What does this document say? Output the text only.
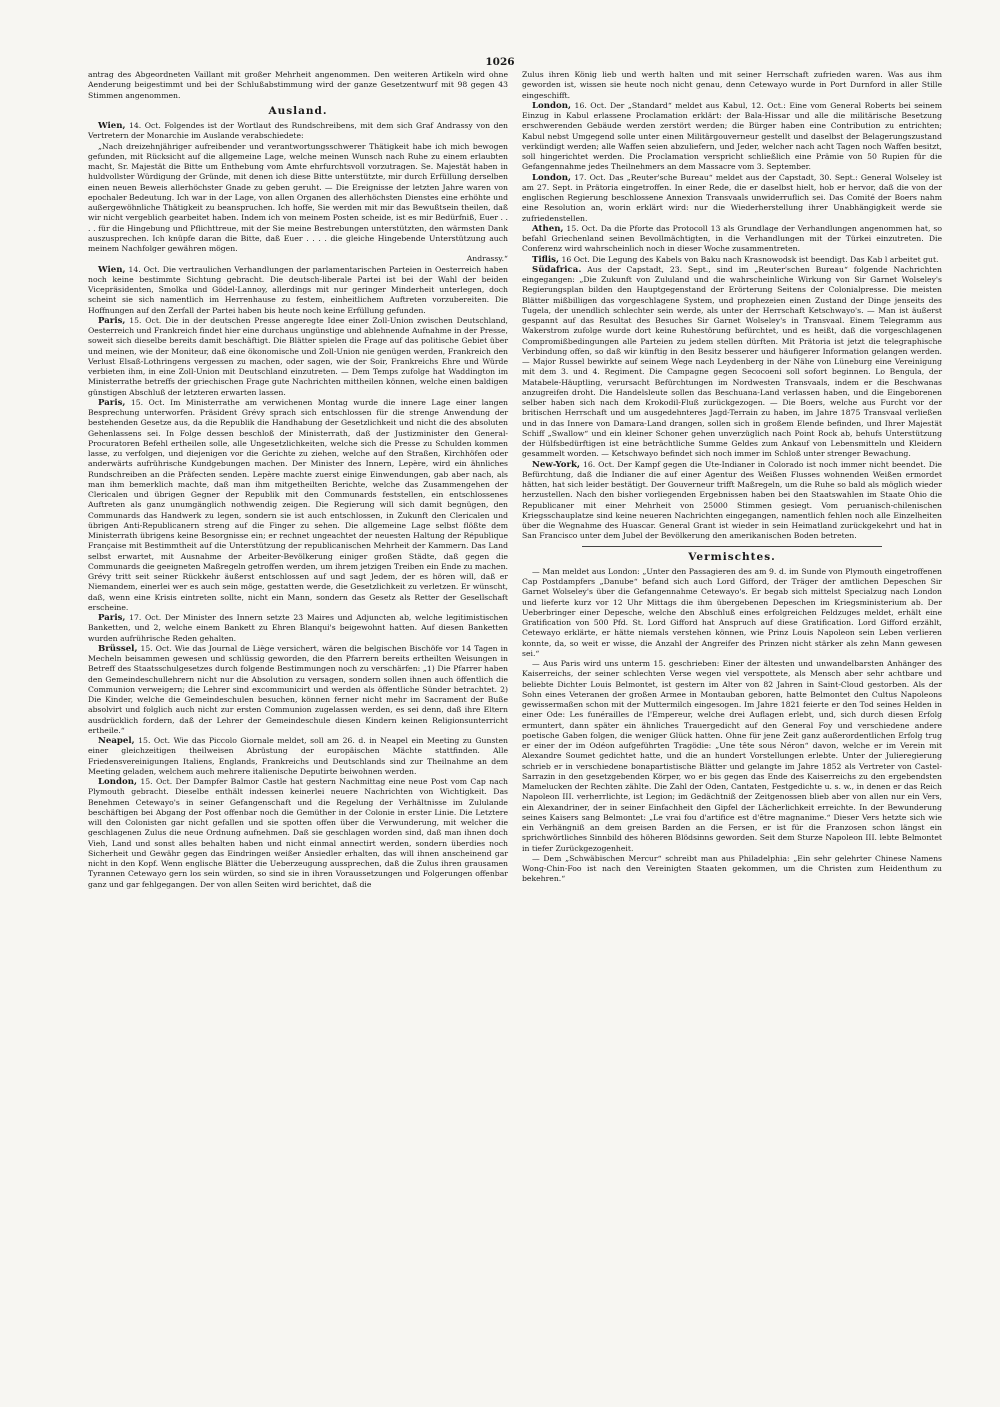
1026

antrag des Abgeordneten Vaillant mit großer Mehrheit angenommen. Den weiteren Artikeln wird ohne Aenderung beigestimmt und bei der Schlußabstimmung wird der ganze Gesetzentwurf mit 98 gegen 43 Stimmen angenommen.

Ausland.

Wien, 14. Oct. Folgendes ist der Wortlaut des Rundschreibens, mit dem sich Graf Andrassy von den Vertretern der Monarchie im Auslande verabschiedete:

„Nach dreizehnjähriger aufreibender und verantwortungsschwerer Thätigkeit habe ich mich bewogen gefunden, mit Rücksicht auf die allgemeine Lage, welche meinen Wunsch nach Ruhe zu einem erlaubten macht, Sr. Majestät die Bitte um Enthebung vom Amte ehrfurchtsvoll vorzutragen. Se. Majestät haben in huldvollster Würdigung der Gründe, mit denen ich diese Bitte unterstützte, mir durch Erfüllung derselben einen neuen Beweis allerhöchster Gnade zu geben geruht. — Die Ereignisse der letzten Jahre waren von epochaler Bedeutung. Ich war in der Lage, von allen Organen des allerhöchsten Dienstes eine erhöhte und außergewöhnliche Thätigkeit zu beanspruchen. Ich hoffe, Sie werden mit mir das Bewußtsein theilen, daß wir nicht vergeblich gearbeitet haben. Indem ich von meinem Posten scheide, ist es mir Bedürfniß, Euer . . . . für die Hingebung und Pflichttreue, mit der Sie meine Bestrebungen unterstützten, den wärmsten Dank auszusprechen. Ich knüpfe daran die Bitte, daß Euer . . . . die gleiche Hingebende Unterstützung auch meinem Nachfolger gewähren mögen.

Andrassy.“

Wien, 14. Oct. Die vertraulichen Verhandlungen der parlamentarischen Parteien in Oesterreich haben noch keine bestimmte Sichtung gebracht. Die deutsch-liberale Partei ist bei der Wahl der beiden Vicepräsidenten, Smolka und Gödel-Lannoy, allerdings mit nur geringer Minderheit unterlegen, doch scheint sie sich namentlich im Herrenhause zu festem, einheitlichem Auftreten vorzubereiten. Die Hoffnungen auf den Zerfall der Partei haben bis heute noch keine Erfüllung gefunden.

Paris, 15. Oct. Die in der deutschen Presse angeregte Idee einer Zoll-Union zwischen Deutschland, Oesterreich und Frankreich findet hier eine durchaus ungünstige und ablehnende Aufnahme in der Presse, soweit sich dieselbe bereits damit beschäftigt. Die Blätter spielen die Frage auf das politische Gebiet über und meinen, wie der Moniteur, daß eine ökonomische und Zoll-Union nie genügen werden, Frankreich den Verlust Elsaß-Lothringens vergessen zu machen, oder sagen, wie der Soir, Frankreichs Ehre und Würde verbieten ihm, in eine Zoll-Union mit Deutschland einzutreten. — Dem Temps zufolge hat Waddington im Ministerrathe betreffs der griechischen Frage gute Nachrichten mittheilen können, welche einen baldigen günstigen Abschluß der letzteren erwarten lassen.

Paris, 15. Oct. Im Ministerrathe am verwichenen Montag wurde die innere Lage einer langen Besprechung unterworfen. Präsident Grévy sprach sich entschlossen für die strenge Anwendung der bestehenden Gesetze aus, da die Republik die Handhabung der Gesetzlichkeit und nicht die des absoluten Gehenlassens sei. In Folge dessen beschloß der Ministerrath, daß der Justizminister den General-Procuratoren Befehl ertheilen solle, alle Ungesetzlichkeiten, welche sich die Presse zu Schulden kommen lasse, zu verfolgen, und diejenigen vor die Gerichte zu ziehen, welche auf den Straßen, Kirchhöfen oder anderwärts aufrührische Kundgebungen machen. Der Minister des Innern, Lepère, wird ein ähnliches Rundschreiben an die Präfecten senden. Lepère machte zuerst einige Einwendungen, gab aber nach, als man ihm bemerklich machte, daß man ihm mitgetheilten Berichte, welche das Zusammengehen der Clericalen und übrigen Gegner der Republik mit den Communards feststellen, ein entschlossenes Auftreten als ganz unumgänglich nothwendig zeigen. Die Regierung will sich damit begnügen, den Communards das Handwerk zu legen, sondern sie ist auch entschlossen, in Zukunft den Clericalen und übrigen Anti-Republicanern streng auf die Finger zu sehen. Die allgemeine Lage selbst flößte dem Ministerrath übrigens keine Besorgnisse ein; er rechnet ungeachtet der neuesten Haltung der République Française mit Bestimmtheit auf die Unterstützung der republicanischen Mehrheit der Kammern. Das Land selbst erwartet, mit Ausnahme der Arbeiter-Bevölkerung einiger großen Städte, daß gegen die Communards die geeigneten Maßregeln getroffen werden, um ihrem jetzigen Treiben ein Ende zu machen. Grévy tritt seit seiner Rückkehr äußerst entschlossen auf und sagt Jedem, der es hören will, daß er Niemandem, einerlei wer es auch sein möge, gestatten werde, die Gesetzlichkeit zu verletzen. Er wünscht, daß, wenn eine Krisis eintreten sollte, nicht ein Mann, sondern das Gesetz als Retter der Gesellschaft erscheine.

Paris, 17. Oct. Der Minister des Innern setzte 23 Maires und Adjuncten ab, welche legitimistischen Banketten, und 2, welche einem Bankett zu Ehren Blanqui's beigewohnt hatten. Auf diesen Banketten wurden aufrührische Reden gehalten.

Brüssel, 15. Oct. Wie das Journal de Liège versichert, wären die belgischen Bischöfe vor 14 Tagen in Mecheln beisammen gewesen und schlüssig geworden, die den Pfarrern bereits ertheilten Weisungen in Betreff des Staatsschulgesetzes durch folgende Bestimmungen noch zu verschärfen: „1) Die Pfarrer haben den Gemeindeschullehrern nicht nur die Absolution zu versagen, sondern sollen ihnen auch öffentlich die Communion verweigern; die Lehrer sind excommunicirt und werden als öffentliche Sünder betrachtet. 2) Die Kinder, welche die Gemeindeschulen besuchen, können ferner nicht mehr im Sacrament der Buße absolvirt und folglich auch nicht zur ersten Communion zugelassen werden, es sei denn, daß ihre Eltern ausdrücklich fordern, daß der Lehrer der Gemeindeschule diesen Kindern keinen Religionsunterricht ertheile.“

Neapel, 15. Oct. Wie das Piccolo Giornale meldet, soll am 26. d. in Neapel ein Meeting zu Gunsten einer gleichzeitigen theilweisen Abrüstung der europäischen Mächte stattfinden. Alle Friedensvereinigungen Italiens, Englands, Frankreichs und Deutschlands sind zur Theilnahme an dem Meeting geladen, welchem auch mehrere italienische Deputirte beiwohnen werden.

London, 15. Oct. Der Dampfer Balmor Castle hat gestern Nachmittag eine neue Post vom Cap nach Plymouth gebracht. Dieselbe enthält indessen keinerlei neuere Nachrichten von Wichtigkeit. Das Benehmen Cetewayo's in seiner Gefangenschaft und die Regelung der Verhältnisse im Zululande beschäftigen bei Abgang der Post offenbar noch die Gemüther in der Colonie in erster Linie. Die Letztere will den Colonisten gar nicht gefallen und sie spotten offen über die Verwunderung, mit welcher die geschlagenen Zulus die neue Ordnung aufnehmen. Daß sie geschlagen worden sind, daß man ihnen doch Vieh, Land und sonst alles behalten haben und nicht einmal annectirt werden, sondern überdies noch Sicherheit und Gewähr gegen das Eindringen weißer Ansiedler erhalten, das will ihnen anscheinend gar nicht in den Kopf. Wenn englische Blätter die Ueberzeugung aussprechen, daß die Zulus ihren grausamen Tyrannen Cetewayo gern los sein würden, so sind sie in ihren Voraussetzungen und Folgerungen offenbar ganz und gar fehlgegangen. Der von allen Seiten wird berichtet, daß die

Zulus ihren König lieb und werth halten und mit seiner Herrschaft zufrieden waren. Was aus ihm geworden ist, wissen sie heute noch nicht genau, denn Cetewayo wurde in Port Durnford in aller Stille eingeschifft.

London, 16. Oct. Der „Standard“ meldet aus Kabul, 12. Oct.: Eine vom General Roberts bei seinem Einzug in Kabul erlassene Proclamation erklärt: der Bala-Hissar und alle die militärische Besetzung erschwerenden Gebäude werden zerstört werden; die Bürger haben eine Contribution zu entrichten; Kabul nebst Umgegend solle unter einen Militärgouverneur gestellt und daselbst der Belagerungszustand verkündigt werden; alle Waffen seien abzuliefern, und Jeder, welcher nach acht Tagen noch Waffen besitzt, soll hingerichtet werden. Die Proclamation verspricht schließlich eine Prämie von 50 Rupien für die Gefangennahme jedes Theilnehmers an dem Massacre vom 3. September.

London, 17. Oct. Das „Reuter'sche Bureau“ meldet aus der Capstadt, 30. Sept.: General Wolseley ist am 27. Sept. in Prätoria eingetroffen. In einer Rede, die er daselbst hielt, hob er hervor, daß die von der englischen Regierung beschlossene Annexion Transvaals unwiderruflich sei. Das Comité der Boers nahm eine Resolution an, worin erklärt wird: nur die Wiederherstellung ihrer Unabhängigkeit werde sie zufriedenstellen.

Athen, 15. Oct. Da die Pforte das Protocoll 13 als Grundlage der Verhandlungen angenommen hat, so befahl Griechenland seinen Bevollmächtigten, in die Verhandlungen mit der Türkei einzutreten. Die Conferenz wird wahrscheinlich noch in dieser Woche zusammentreten.

Tiflis, 16 Oct. Die Legung des Kabels von Baku nach Krasnowodsk ist beendigt. Das Kab l arbeitet gut.

Südafrica. Aus der Capstadt, 23. Sept., sind im „Reuter'schen Bureau“ folgende Nachrichten eingegangen: „Die Zukunft von Zululand und die wahrscheinliche Wirkung von Sir Garnet Wolseley's Regierungsplan bilden den Hauptgegenstand der Erörterung Seitens der Colonialpresse. Die meisten Blätter mißbilligen das vorgeschlagene System, und prophezeien einen Zustand der Dinge jenseits des Tugela, der unendlich schlechter sein werde, als unter der Herrschaft Ketschwayo's. — Man ist äußerst gespannt auf das Resultat des Besuches Sir Garnet Wolseley's in Transvaal. Einem Telegramm aus Wakerstrom zufolge wurde dort keine Ruhestörung befürchtet, und es heißt, daß die vorgeschlagenen Compromißbedingungen alle Parteien zu jedem stellen dürften. Mit Prätoria ist jetzt die telegraphische Verbindung offen, so daß wir künftig in den Besitz besserer und häufigerer Information gelangen werden. — Major Russel bewirkte auf seinem Wege nach Leydenberg in der Nähe von Lüneburg eine Vereinigung mit dem 3. und 4. Regiment. Die Campagne gegen Secocoeni soll sofort beginnen. Lo Bengula, der Matabele-Häuptling, verursacht Befürchtungen im Nordwesten Transvaals, indem er die Beschwanas anzugreifen droht. Die Handelsleute sollen das Beschuana-Land verlassen haben, und die Eingeborenen selber haben sich nach dem Krokodil-Fluß zurückgezogen. — Die Boers, welche aus Furcht vor der britischen Herrschaft und um ausgedehnteres Jagd-Terrain zu haben, im Jahre 1875 Transvaal verließen und in das Innere von Damara-Land drangen, sollen sich in großem Elende befinden, und Ihrer Majestät Schiff „Swallow“ und ein kleiner Schoner gehen unverzüglich nach Point Rock ab, behufs Unterstützung der Hülfsbedürftigen ist eine beträchtliche Summe Geldes zum Ankauf von Lebensmitteln und Kleidern gesammelt worden. — Ketschwayo befindet sich noch immer im Schloß unter strenger Bewachung.

New-York, 16. Oct. Der Kampf gegen die Ute-Indianer in Colorado ist noch immer nicht beendet. Die Befürchtung, daß die Indianer die auf einer Agentur des Weißen Flusses wohnenden Weißen ermordet hätten, hat sich leider bestätigt. Der Gouverneur trifft Maßregeln, um die Ruhe so bald als möglich wieder herzustellen. Nach den bisher vorliegenden Ergebnissen haben bei den Staatswahlen im Staate Ohio die Republicaner mit einer Mehrheit von 25000 Stimmen gesiegt. Vom peruanisch-chilenischen Kriegsschauplatze sind keine neueren Nachrichten eingegangen, namentlich fehlen noch alle Einzelheiten über die Wegnahme des Huascar. General Grant ist wieder in sein Heimatland zurückgekehrt und hat in San Francisco unter dem Jubel der Bevölkerung den amerikanischen Boden betreten.

Vermischtes.

— Man meldet aus London: „Unter den Passagieren des am 9. d. im Sunde von Plymouth eingetroffenen Cap Postdampfers „Danube“ befand sich auch Lord Gifford, der Träger der amtlichen Depeschen Sir Garnet Wolseley's über die Gefangennahme Cetewayo's. Er begab sich mittelst Specialzug nach London und lieferte kurz vor 12 Uhr Mittags die ihm übergebenen Depeschen im Kriegsministerium ab. Der Ueberbringer einer Depesche, welche den Abschluß eines erfolgreichen Feldzuges meldet, erhält eine Gratification von 500 Pfd. St. Lord Gifford hat Anspruch auf diese Gratification. Lord Gifford erzählt, Cetewayo erklärte, er hätte niemals verstehen können, wie Prinz Louis Napoleon sein Leben verlieren konnte, da, so weit er wisse, die Anzahl der Angreifer des Prinzen nicht stärker als zehn Mann gewesen sei.“

— Aus Paris wird uns unterm 15. geschrieben: Einer der ältesten und unwandelbarsten Anhänger des Kaiserreichs, der seiner schlechten Verse wegen viel verspottete, als Mensch aber sehr achtbare und beliebte Dichter Louis Belmontet, ist gestern im Alter von 82 Jahren in Saint-Cloud gestorben. Als der Sohn eines Veteranen der großen Armee in Montauban geboren, hatte Belmontet den Cultus Napoleons gewissermaßen schon mit der Muttermilch eingesogen. Im Jahre 1821 feierte er den Tod seines Helden in einer Ode: Les funérailles de l'Empereur, welche drei Auflagen erlebt, und, sich durch diesen Erfolg ermuntert, dann später ein ähnliches Trauergedicht auf den General Foy und verschiedene andere poetische Gaben folgen, die weniger Glück hatten. Ohne für jene Zeit ganz außerordentlichen Erfolg trug er einer der im Odéon aufgeführten Tragödie: „Une tête sous Néron“ davon, welche er im Verein mit Alexandre Soumet gedichtet hatte, und die an hundert Vorstellungen erlebte. Unter der Julieregierung schrieb er in verschiedene bonapartistische Blätter und gelangte im Jahre 1852 als Vertreter von Castel-Sarrazin in den gesetzgebenden Körper, wo er bis gegen das Ende des Kaiserreichs zu den ergebendsten Mamelucken der Rechten zählte. Die Zahl der Oden, Cantaten, Festgedichte u. s. w., in denen er das Reich Napoleon III. verherrlichte, ist Legion; im Gedächtniß der Zeitgenossen blieb aber von allen nur ein Vers, ein Alexandriner, der in seiner Einfachheit den Gipfel der Lächerlichkeit erreichte. In der Bewunderung seines Kaisers sang Belmontet: „Le vrai fou d'artifice est d'être magnanime.“ Dieser Vers hetzte sich wie ein Verhängniß an dem greisen Barden an die Fersen, er ist für die Franzosen schon längst ein sprichwörtliches Sinnbild des höheren Blödsinns geworden. Seit dem Sturze Napoleon III. lebte Belmontet in tiefer Zurückgezogenheit.

— Dem „Schwäbischen Mercur“ schreibt man aus Philadelphia: „Ein sehr gelehrter Chinese Namens Wong-Chin-Foo ist nach den Vereinigten Staaten gekommen, um die Christen zum Heidenthum zu bekehren.“
